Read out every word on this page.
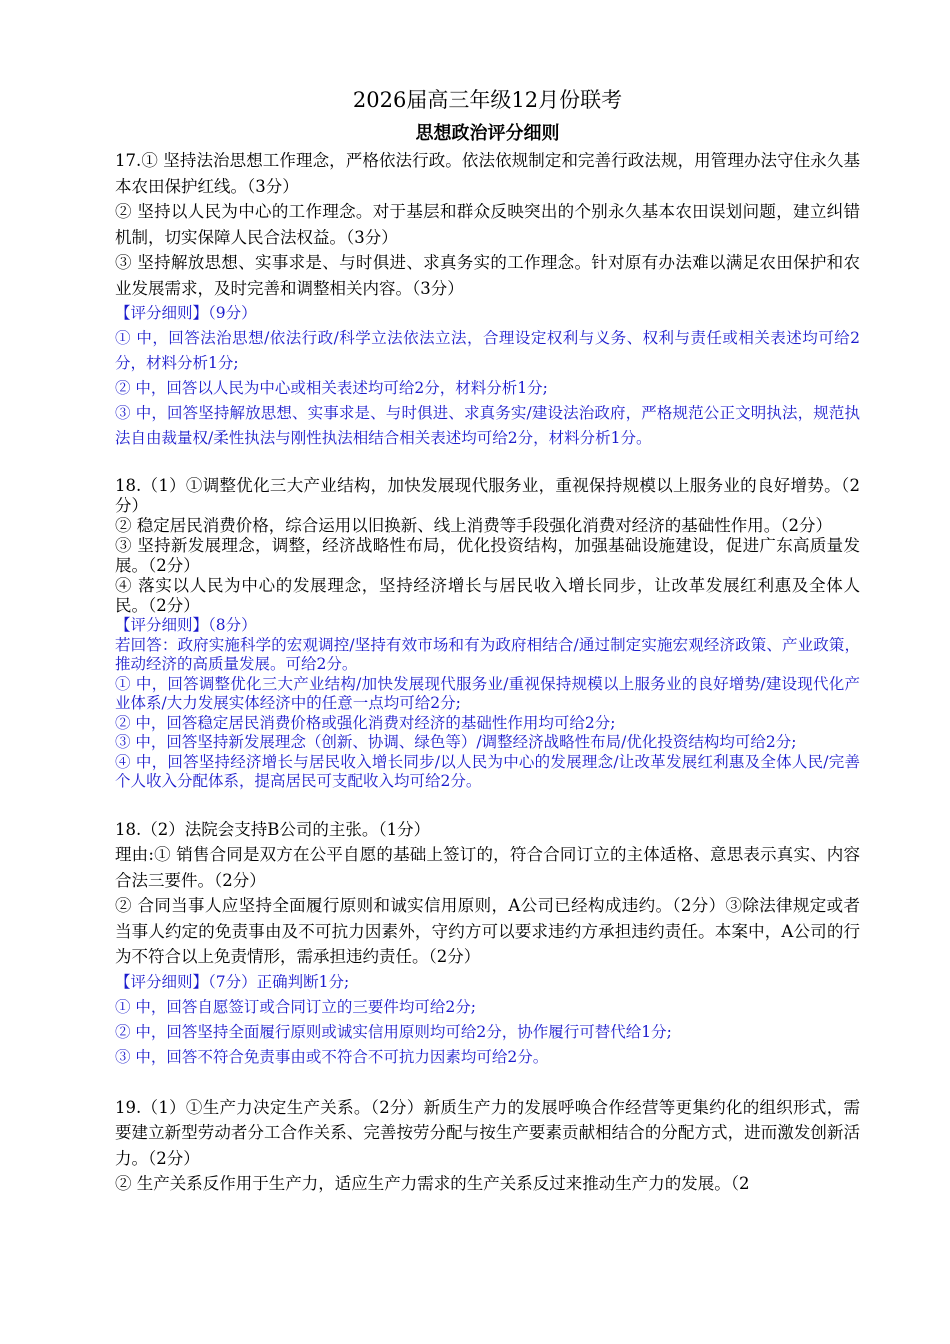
2026届高三年级12月份联考
思想政治评分细则

17.① 坚持法治思想工作理念，严格依法行政。依法依规制定和完善行政法规，用管理办法守住永久基本农田保护红线。（3分）

② 坚持以人民为中心的工作理念。对于基层和群众反映突出的个别永久基本农田误划问题，建立纠错机制，切实保障人民合法权益。（3分）

③ 坚持解放思想、实事求是、与时俱进、求真务实的工作理念。针对原有办法难以满足农田保护和农业发展需求，及时完善和调整相关内容。（3分）

【评分细则】（9分）

① 中，回答法治思想/依法行政/科学立法依法立法，合理设定权利与义务、权利与责任或相关表述均可给2分，材料分析1分;

② 中，回答以人民为中心或相关表述均可给2分，材料分析1分;

③ 中，回答坚持解放思想、实事求是、与时俱进、求真务实/建设法治政府，严格规范公正文明执法，规范执法自由裁量权/柔性执法与刚性执法相结合相关表述均可给2分，材料分析1分。

18.（1）①调整优化三大产业结构，加快发展现代服务业，重视保持规模以上服务业的良好增势。（2分）

② 稳定居民消费价格，综合运用以旧换新、线上消费等手段强化消费对经济的基础性作用。（2分）

③ 坚持新发展理念，调整，经济战略性布局，优化投资结构，加强基础设施建设，促进广东高质量发展。（2分）

④ 落实以人民为中心的发展理念，坚持经济增长与居民收入增长同步，让改革发展红利惠及全体人民。（2分）

【评分细则】（8分）

若回答：政府实施科学的宏观调控/坚持有效市场和有为政府相结合/通过制定实施宏观经济政策、产业政策，推动经济的高质量发展。可给2分。

① 中，回答调整优化三大产业结构/加快发展现代服务业/重视保持规模以上服务业的良好增势/建设现代化产业体系/大力发展实体经济中的任意一点均可给2分;

② 中，回答稳定居民消费价格或强化消费对经济的基础性作用均可给2分;

③ 中，回答坚持新发展理念（创新、协调、绿色等）/调整经济战略性布局/优化投资结构均可给2分;

④ 中，回答坚持经济增长与居民收入增长同步/以人民为中心的发展理念/让改革发展红利惠及全体人民/完善个人收入分配体系，提高居民可支配收入均可给2分。

18.（2）法院会支持B公司的主张。（1分）

理由:① 销售合同是双方在公平自愿的基础上签订的，符合合同订立的主体适格、意思表示真实、内容合法三要件。（2分）

② 合同当事人应坚持全面履行原则和诚实信用原则，A公司已经构成违约。（2分）③除法律规定或者当事人约定的免责事由及不可抗力因素外，守约方可以要求违约方承担违约责任。本案中，A公司的行为不符合以上免责情形，需承担违约责任。（2分）

【评分细则】（7分）正确判断1分;

① 中，回答自愿签订或合同订立的三要件均可给2分;

② 中，回答坚持全面履行原则或诚实信用原则均可给2分，协作履行可替代给1分;

③ 中，回答不符合免责事由或不符合不可抗力因素均可给2分。

19.（1）①生产力决定生产关系。（2分）新质生产力的发展呼唤合作经营等更集约化的组织形式，需要建立新型劳动者分工合作关系、完善按劳分配与按生产要素贡献相结合的分配方式，进而激发创新活力。（2分）

② 生产关系反作用于生产力，适应生产力需求的生产关系反过来推动生产力的发展。（2
